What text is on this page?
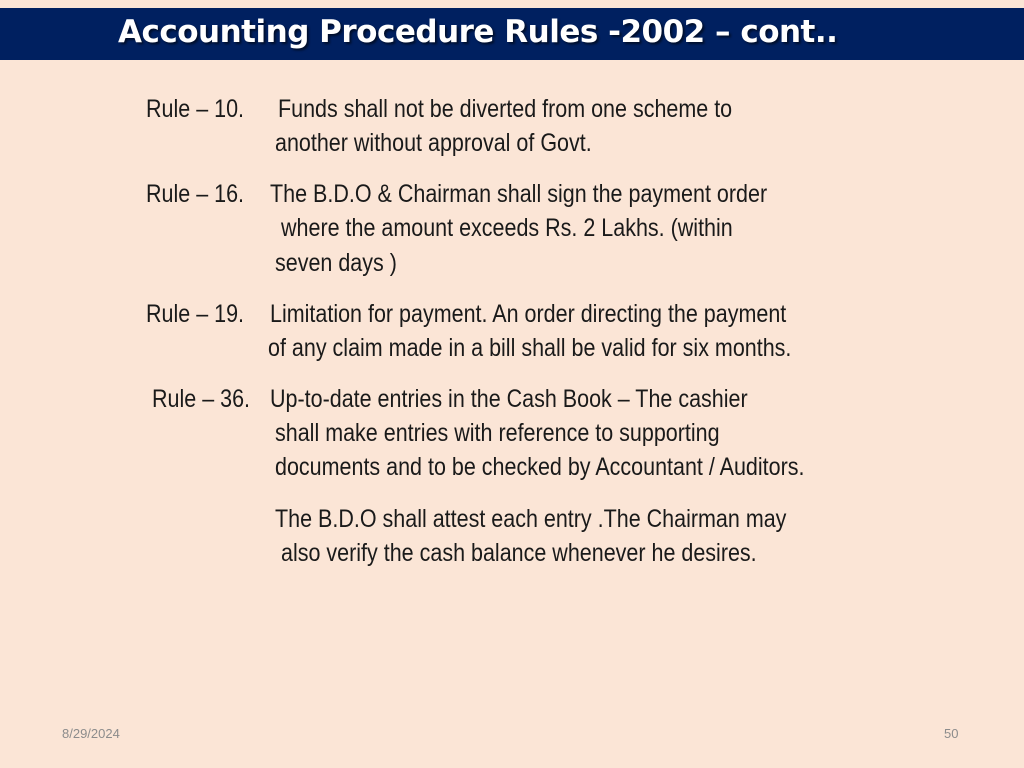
Accounting Procedure Rules -2002 – cont..
Rule – 10. Funds shall not be diverted from one scheme to
another without approval of Govt.
Rule – 16. The B.D.O & Chairman shall sign the payment order
where the amount exceeds Rs. 2 Lakhs. (within
seven days )
Rule – 19. Limitation for payment. An order directing the payment
of any claim made in a bill shall be valid for six months.
Rule – 36. Up-to-date entries in the Cash Book – The cashier
shall make entries with reference to supporting
documents and to be checked by Accountant / Auditors.
The B.D.O shall attest each entry .The Chairman may
also verify the cash balance whenever he desires.
8/29/2024	50
